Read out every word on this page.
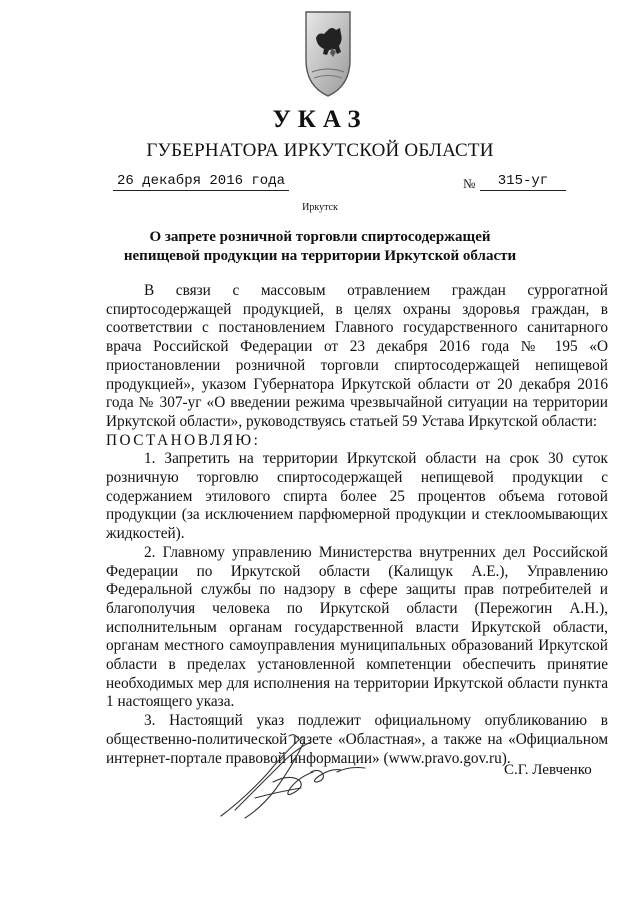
УКАЗ
ГУБЕРНАТОРА ИРКУТСКОЙ ОБЛАСТИ
26 декабря 2016 года	№	315-уг
Иркутск
О запрете розничной торговли спиртосодержащей
непищевой продукции на территории Иркутской области

В связи с массовым отравлением граждан суррогатной спиртосодержащей продукцией, в целях охраны здоровья граждан, в соответствии с постановлением Главного государственного санитарного врача Российской Федерации от 23 декабря 2016 года № 195 «О приостановлении розничной торговли спиртосодержащей непищевой продукцией», указом Губернатора Иркутской области от 20 декабря 2016 года № 307-уг «О введении режима чрезвычайной ситуации на территории Иркутской области», руководствуясь статьей 59 Устава Иркутской области:

ПОСТАНОВЛЯЮ:

1. Запретить на территории Иркутской области на срок 30 суток розничную торговлю спиртосодержащей непищевой продукции с содержанием этилового спирта более 25 процентов объема готовой продукции (за исключением парфюмерной продукции и стеклоомывающих жидкостей).

2. Главному управлению Министерства внутренних дел Российской Федерации по Иркутской области (Калищук А.Е.), Управлению Федеральной службы по надзору в сфере защиты прав потребителей и благополучия человека по Иркутской области (Пережогин А.Н.), исполнительным органам государственной власти Иркутской области, органам местного самоуправления муниципальных образований Иркутской области в пределах установленной компетенции обеспечить принятие необходимых мер для исполнения на территории Иркутской области пункта 1 настоящего указа.

3. Настоящий указ подлежит официальному опубликованию в общественно-политической газете «Областная», а также на «Официальном интернет-портале правовой информации» (www.pravo.gov.ru).

С.Г. Левченко
